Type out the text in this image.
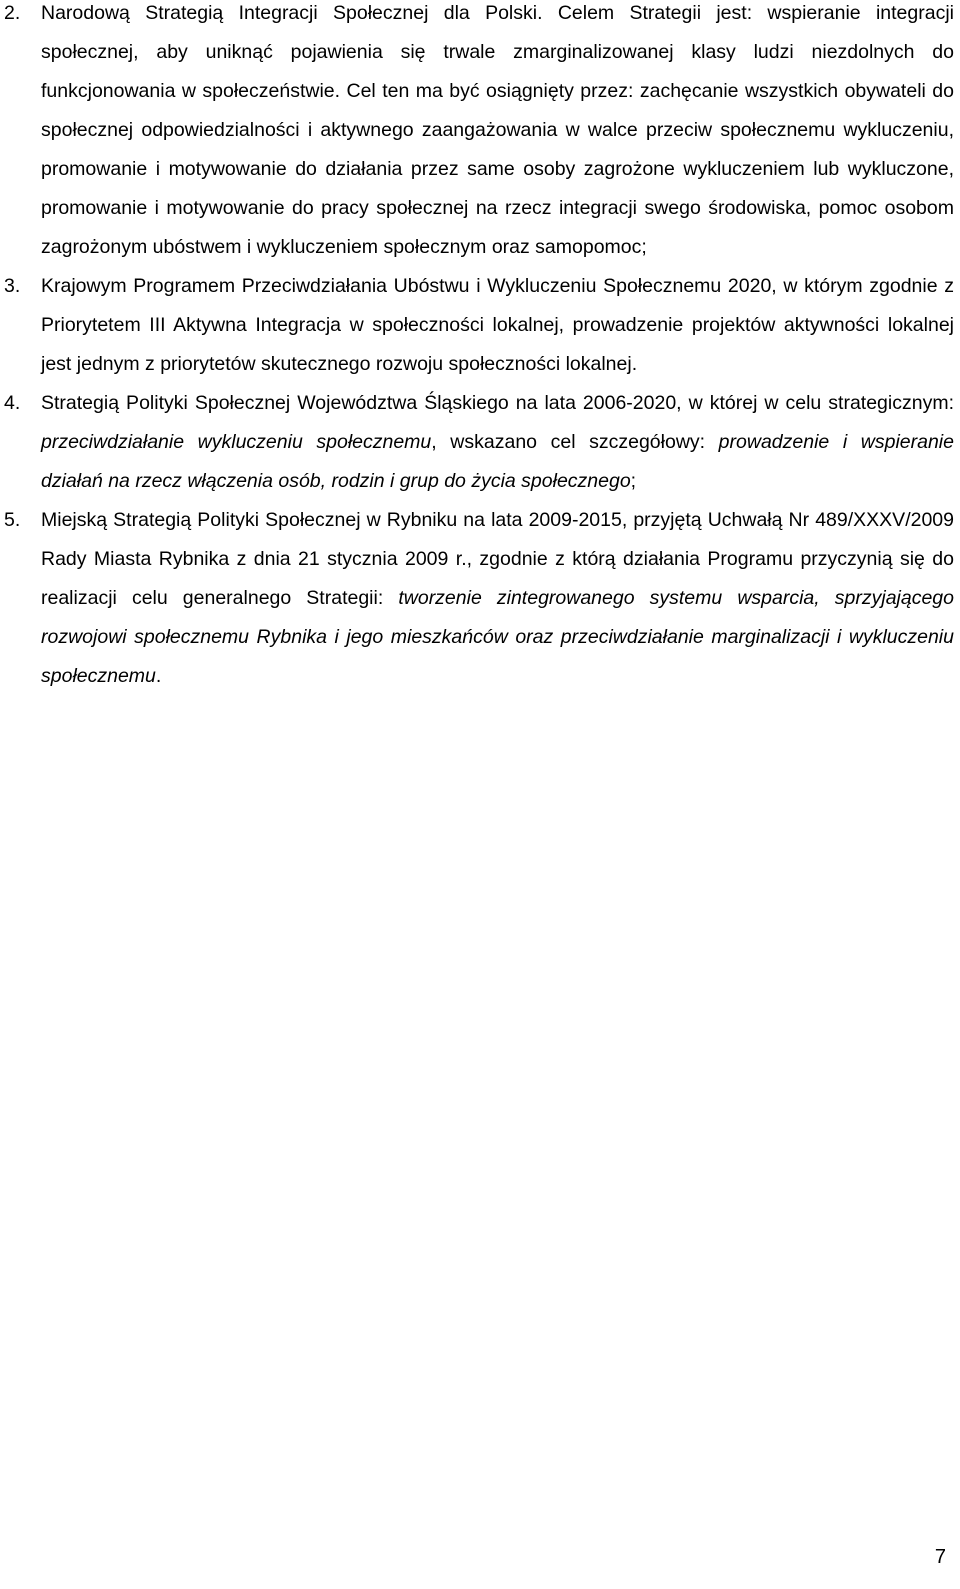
2. Narodową Strategią Integracji Społecznej dla Polski. Celem Strategii jest: wspieranie integracji społecznej, aby uniknąć pojawienia się trwale zmarginalizowanej klasy ludzi niezdolnych do funkcjonowania w społeczeństwie. Cel ten ma być osiągnięty przez: zachęcanie wszystkich obywateli do społecznej odpowiedzialności i aktywnego zaangażowania w walce przeciw społecznemu wykluczeniu, promowanie i motywowanie do działania przez same osoby zagrożone wykluczeniem lub wykluczone, promowanie i motywowanie do pracy społecznej na rzecz integracji swego środowiska, pomoc osobom zagrożonym ubóstwem i wykluczeniem społecznym oraz samopomoc;
3. Krajowym Programem Przeciwdziałania Ubóstwu i Wykluczeniu Społecznemu 2020, w którym zgodnie z Priorytetem III Aktywna Integracja w społeczności lokalnej, prowadzenie projektów aktywności lokalnej jest jednym z priorytetów skutecznego rozwoju społeczności lokalnej.
4. Strategią Polityki Społecznej Województwa Śląskiego na lata 2006-2020, w której w celu strategicznym: przeciwdziałanie wykluczeniu społecznemu, wskazano cel szczegółowy: prowadzenie i wspieranie działań na rzecz włączenia osób, rodzin i grup do życia społecznego;
5. Miejską Strategią Polityki Społecznej w Rybniku na lata 2009-2015, przyjętą Uchwałą Nr 489/XXXV/2009 Rady Miasta Rybnika z dnia 21 stycznia 2009 r., zgodnie z którą działania Programu przyczynią się do realizacji celu generalnego Strategii: tworzenie zintegrowanego systemu wsparcia, sprzyjającego rozwojowi społecznemu Rybnika i jego mieszkańców oraz przeciwdziałanie marginalizacji i wykluczeniu społecznemu.
7
